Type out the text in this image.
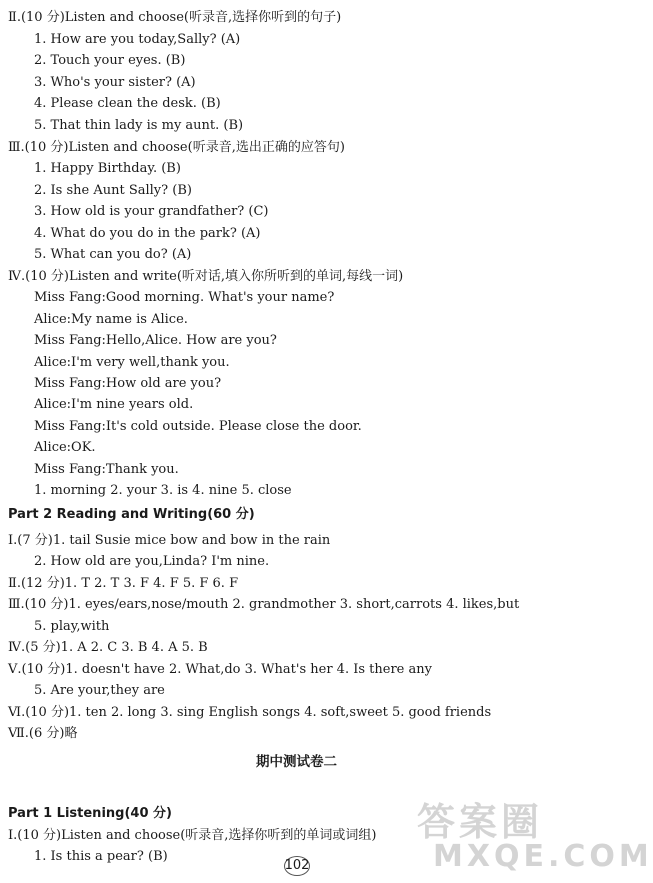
Ⅱ.(10 分)Listen and choose(听录音,选择你听到的句子)
1. How are you today,Sally? (A)
2. Touch your eyes. (B)
3. Who's your sister? (A)
4. Please clean the desk. (B)
5. That thin lady is my aunt. (B)
Ⅲ.(10 分)Listen and choose(听录音,选出正确的应答句)
1. Happy Birthday. (B)
2. Is she Aunt Sally? (B)
3. How old is your grandfather? (C)
4. What do you do in the park? (A)
5. What can you do? (A)
Ⅳ.(10 分)Listen and write(听对话,填入你所听到的单词,每线一词)
Miss Fang:Good morning. What's your name?
Alice:My name is Alice.
Miss Fang:Hello,Alice. How are you?
Alice:I'm very well,thank you.
Miss Fang:How old are you?
Alice:I'm nine years old.
Miss Fang:It's cold outside. Please close the door.
Alice:OK.
Miss Fang:Thank you.
1. morning 2. your 3. is 4. nine 5. close
Part 2 Reading and Writing(60 分)
Ⅰ.(7 分)1. tail Susie mice bow and bow in the rain
2. How old are you,Linda? I'm nine.
Ⅱ.(12 分)1. T 2. T 3. F 4. F 5. F 6. F
Ⅲ.(10 分)1. eyes/ears,nose/mouth 2. grandmother 3. short,carrots 4. likes,but
5. play,with
Ⅳ.(5 分)1. A 2. C 3. B 4. A 5. B
Ⅴ.(10 分)1. doesn't have 2. What,do 3. What's her 4. Is there any
5. Are your,they are
Ⅵ.(10 分)1. ten 2. long 3. sing English songs 4. soft,sweet 5. good friends
Ⅶ.(6 分)略
期中测试卷二
Part 1 Listening(40 分)
Ⅰ.(10 分)Listen and choose(听录音,选择你听到的单词或词组)
1. Is this a pear? (B)
102
答案圈
MXQE.COM
